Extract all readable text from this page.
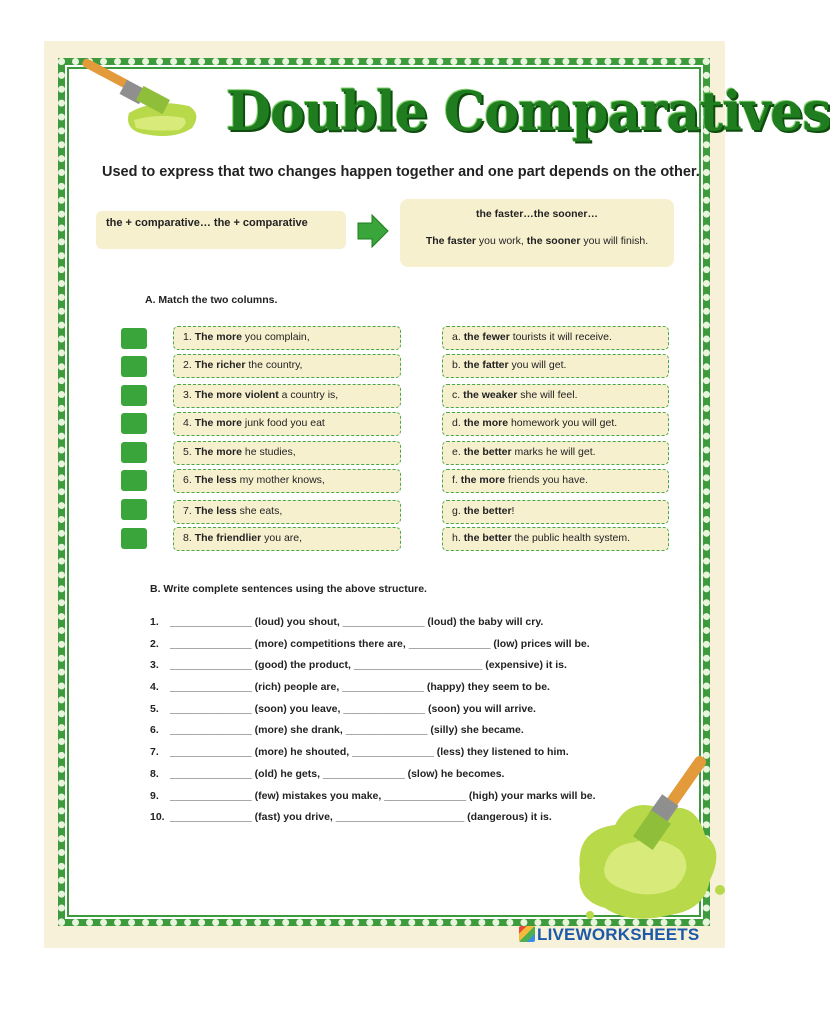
Double Comparatives
Used to express that two changes happen together and one part depends on the other.
the + comparative… the + comparative
the faster…the sooner…
The faster you work, the sooner you will finish.
A. Match the two columns.
1. The more you complain,
2. The richer the country,
3. The more violent a country is,
4. The more junk food you eat
5. The more he studies,
6. The less my mother knows,
7. The less she eats,
8. The friendlier you are,
a. the fewer tourists it will receive.
b. the fatter you will get.
c. the weaker she will feel.
d. the more homework you will get.
e. the better marks he will get.
f. the more friends you have.
g. the better!
h. the better the public health system.
B. Write complete sentences using the above structure.
1. ______________ (loud) you shout, ______________ (loud) the baby will cry.
2. ______________ (more) competitions there are, ______________ (low) prices will be.
3. ______________ (good) the product, ______________________ (expensive) it is.
4. ______________ (rich) people are, ______________ (happy) they seem to be.
5. ______________ (soon) you leave, ______________ (soon) you will arrive.
6. ______________ (more) she drank, ______________ (silly) she became.
7. ______________ (more) he shouted, ______________ (less) they listened to him.
8. ______________ (old) he gets, ______________ (slow) he becomes.
9. ______________ (few) mistakes you make, ______________ (high) your marks will be.
10. ______________ (fast) you drive, ______________________ (dangerous) it is.
LIVEWORKSHEETS
